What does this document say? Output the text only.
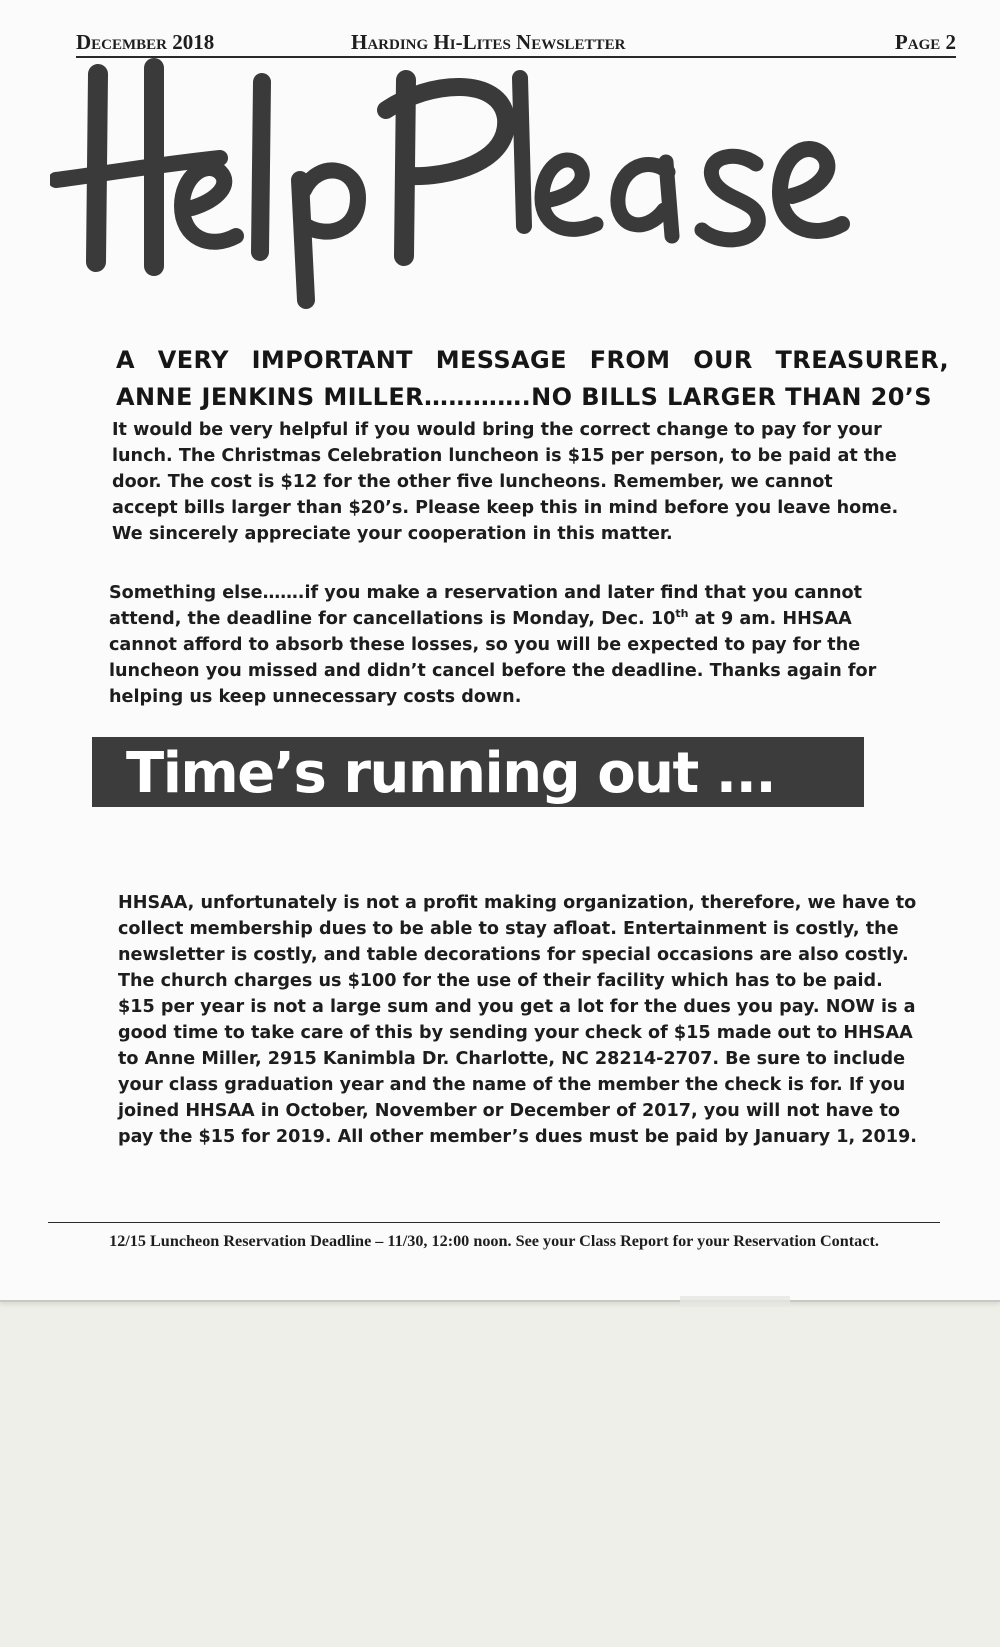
December 2018	Harding Hi-Lites Newsletter	Page 2
A VERY IMPORTANT MESSAGE FROM OUR TREASURER,
ANNE JENKINS MILLER………….NO BILLS LARGER THAN 20’S
It would be very helpful if you would bring the correct change to pay for your
lunch. The Christmas Celebration luncheon is $15 per person, to be paid at the
door. The cost is $12 for the other five luncheons. Remember, we cannot
accept bills larger than $20’s. Please keep this in mind before you leave home.
We sincerely appreciate your cooperation in this matter.
Something else…….if you make a reservation and later find that you cannot
attend, the deadline for cancellations is Monday, Dec. 10th at 9 am. HHSAA
cannot afford to absorb these losses, so you will be expected to pay for the
luncheon you missed and didn’t cancel before the deadline. Thanks again for
helping us keep unnecessary costs down.
Time’s running out ...
HHSAA, unfortunately is not a profit making organization, therefore, we have to
collect membership dues to be able to stay afloat. Entertainment is costly, the
newsletter is costly, and table decorations for special occasions are also costly.
The church charges us $100 for the use of their facility which has to be paid.
$15 per year is not a large sum and you get a lot for the dues you pay. NOW is a
good time to take care of this by sending your check of $15 made out to HHSAA
to Anne Miller, 2915 Kanimbla Dr. Charlotte, NC 28214-2707. Be sure to include
your class graduation year and the name of the member the check is for. If you
joined HHSAA in October, November or December of 2017, you will not have to
pay the $15 for 2019. All other member’s dues must be paid by January 1, 2019.
12/15 Luncheon Reservation Deadline – 11/30, 12:00 noon. See your Class Report for your Reservation Contact.
